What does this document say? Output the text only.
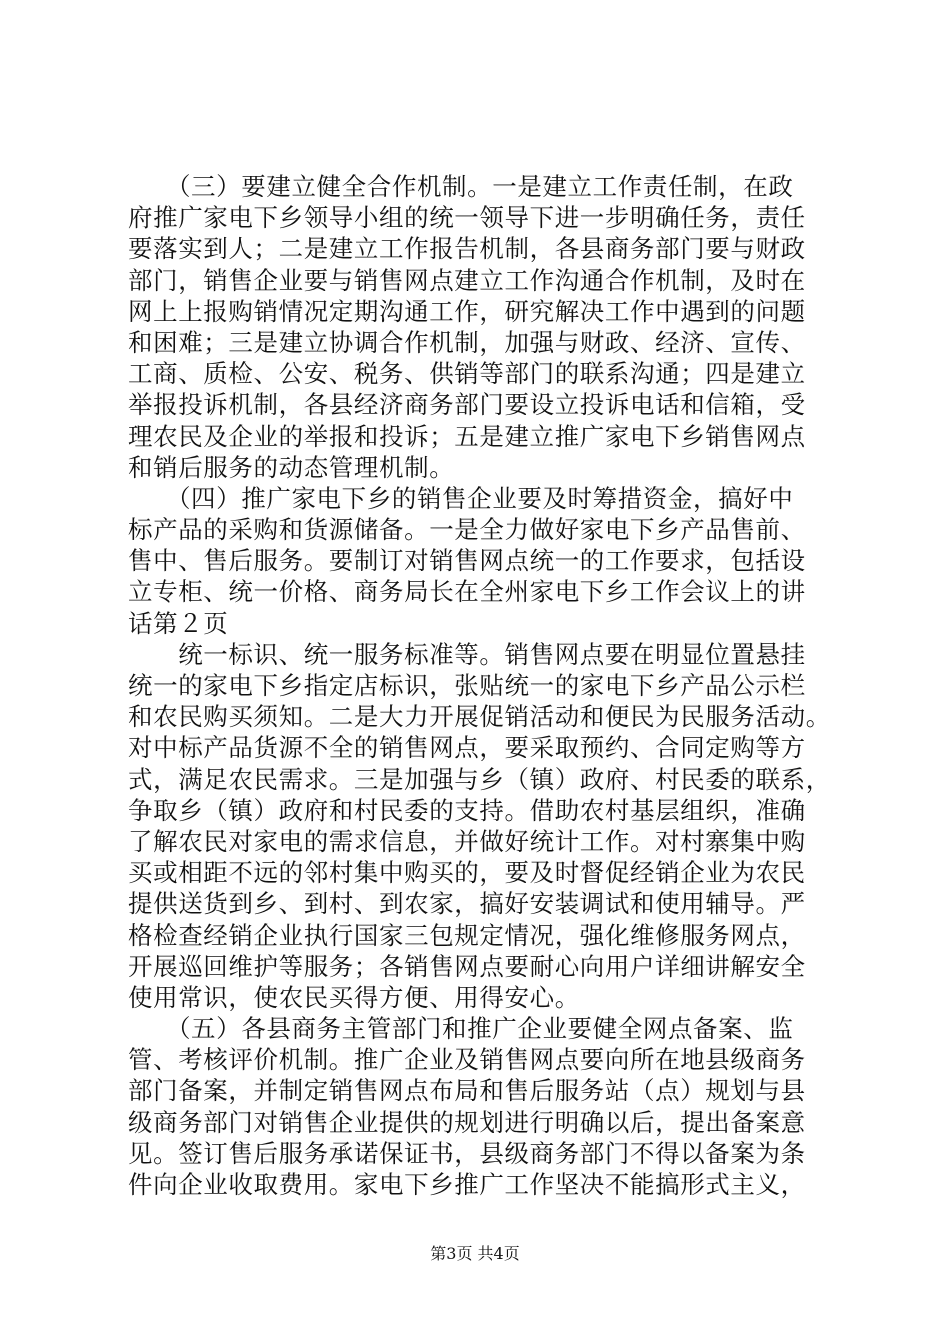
　　（三）要建立健全合作机制。一是建立工作责任制，在政
府推广家电下乡领导小组的统一领导下进一步明确任务，责任
要落实到人；二是建立工作报告机制，各县商务部门要与财政
部门，销售企业要与销售网点建立工作沟通合作机制，及时在
网上上报购销情况定期沟通工作，研究解决工作中遇到的问题
和困难；三是建立协调合作机制，加强与财政、经济、宣传、
工商、质检、公安、税务、供销等部门的联系沟通；四是建立
举报投诉机制，各县经济商务部门要设立投诉电话和信箱，受
理农民及企业的举报和投诉；五是建立推广家电下乡销售网点
和销后服务的动态管理机制。
　　（四）推广家电下乡的销售企业要及时筹措资金，搞好中
标产品的采购和货源储备。一是全力做好家电下乡产品售前、
售中、售后服务。要制订对销售网点统一的工作要求，包括设
立专柜、统一价格、商务局长在全州家电下乡工作会议上的讲
话第２页
　　统一标识、统一服务标准等。销售网点要在明显位置悬挂
统一的家电下乡指定店标识，张贴统一的家电下乡产品公示栏
和农民购买须知。二是大力开展促销活动和便民为民服务活动。
对中标产品货源不全的销售网点，要采取预约、合同定购等方
式，满足农民需求。三是加强与乡（镇）政府、村民委的联系，
争取乡（镇）政府和村民委的支持。借助农村基层组织，准确
了解农民对家电的需求信息，并做好统计工作。对村寨集中购
买或相距不远的邻村集中购买的，要及时督促经销企业为农民
提供送货到乡、到村、到农家，搞好安装调试和使用辅导。严
格检查经销企业执行国家三包规定情况，强化维修服务网点，
开展巡回维护等服务；各销售网点要耐心向用户详细讲解安全
使用常识，使农民买得方便、用得安心。
　　（五）各县商务主管部门和推广企业要健全网点备案、监
管、考核评价机制。推广企业及销售网点要向所在地县级商务
部门备案，并制定销售网点布局和售后服务站（点）规划与县
级商务部门对销售企业提供的规划进行明确以后，提出备案意
见。签订售后服务承诺保证书，县级商务部门不得以备案为条
件向企业收取费用。家电下乡推广工作坚决不能搞形式主义，
第3页 共4页
